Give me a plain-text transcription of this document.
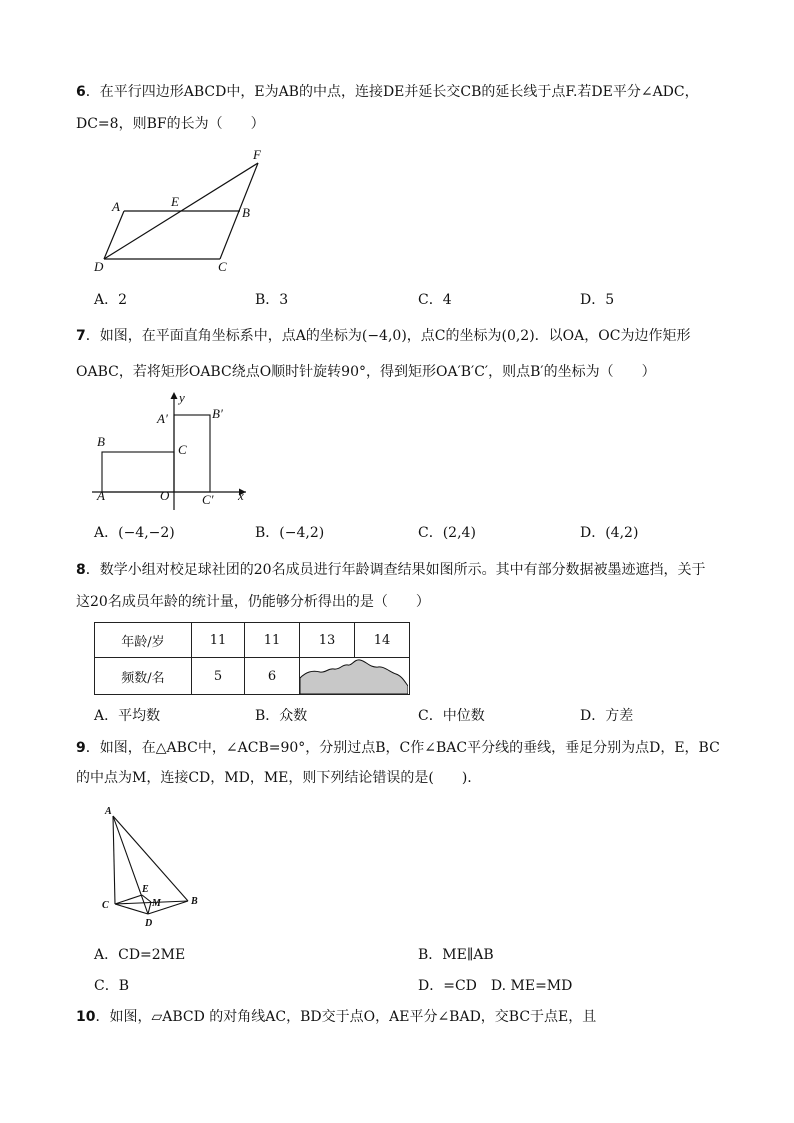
6．在平行四边形ABCD中，E为AB的中点，连接DE并延长交CB的延长线于点F.若DE平分∠ADC，
DC=8，则BF的长为（　　）
A	E
B
F
D	C
A．2	B．3	C．4	D．5
7．如图，在平面直角坐标系中，点A的坐标为(−4,0)，点C的坐标为(0,2)．以OA，OC为边作矩形
OABC，若将矩形OABC绕点O顺时针旋转90°，得到矩形OA′B′C′，则点B′的坐标为（　　）
y
x
A′	B′
B
C
A	O	C′
A．(−4,−2)	B．(−4,2)	C．(2,4)	D．(4,2)
8．数学小组对校足球社团的20名成员进行年龄调查结果如图所示。其中有部分数据被墨迹遮挡，关于
这20名成员年龄的统计量，仍能够分析得出的是（　　）
年龄/岁	11	11	13	14
频数/名	5	6	
A．平均数	B．众数	C．中位数	D．方差
9．如图，在△ABC中，∠ACB=90°，分别过点B，C作∠BAC平分线的垂线，垂足分别为点D，E，BC
的中点为M，连接CD，MD，ME，则下列结论错误的是(　　).
A
E
M
C	B
D
A．CD=2ME	B．ME∥AB
C．B	D．=CD　D. ME=MD
10．如图，▱ABCD 的对角线AC，BD交于点O，AE平分∠BAD，交BC于点E，且
